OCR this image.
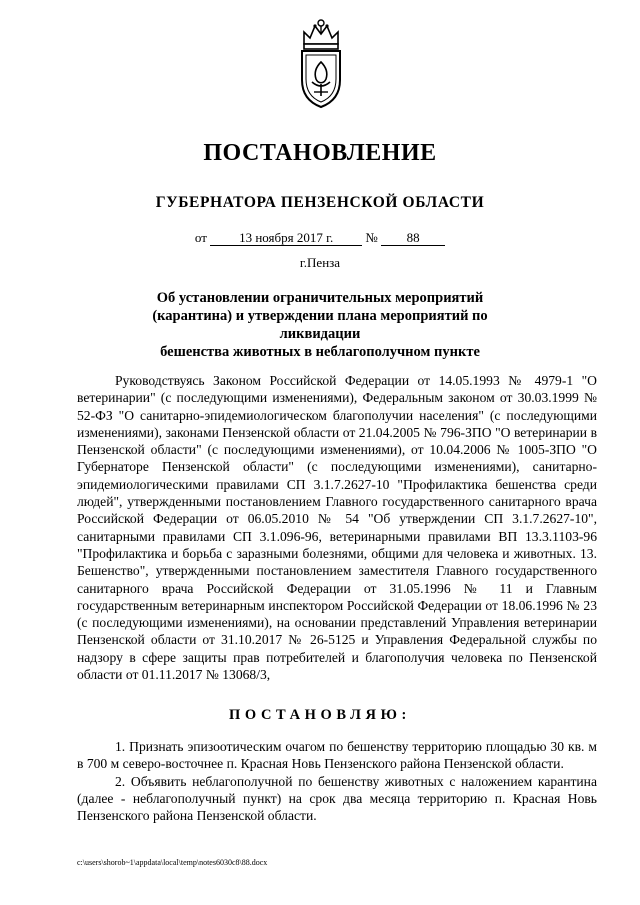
ПОСТАНОВЛЕНИЕ
ГУБЕРНАТОРА ПЕНЗЕНСКОЙ ОБЛАСТИ
от 13 ноября 2017 г. № 88
г.Пенза
Об установлении ограничительных мероприятий
(карантина) и утверждении плана мероприятий по ликвидации
бешенства животных в неблагополучном пункте

Руководствуясь Законом Российской Федерации от 14.05.1993 № 4979-1 "О ветеринарии" (с последующими изменениями), Федеральным законом от 30.03.1999 № 52-ФЗ "О санитарно-эпидемиологическом благополучии населения" (с последующими изменениями), законами Пензенской области от 21.04.2005 № 796-ЗПО "О ветеринарии в Пензенской области" (с последующими изменениями), от 10.04.2006 № 1005-ЗПО "О Губернаторе Пензенской области" (с последующими изменениями), санитарно-эпидемиологическими правилами СП 3.1.7.2627-10 "Профилактика бешенства среди людей", утвержденными постановлением Главного государственного санитарного врача Российской Федерации от 06.05.2010 № 54 "Об утверждении СП 3.1.7.2627-10", санитарными правилами СП 3.1.096-96, ветеринарными правилами ВП 13.3.1103-96 "Профилактика и борьба с заразными болезнями, общими для человека и животных. 13. Бешенство", утвержденными постановлением заместителя Главного государственного санитарного врача Российской Федерации от 31.05.1996 № 11 и Главным государственным ветеринарным инспектором Российской Федерации от 18.06.1996 № 23 (с последующими изменениями), на основании представлений Управления ветеринарии Пензенской области от 31.10.2017 № 26-5125 и Управления Федеральной службы по надзору в сфере защиты прав потребителей и благополучия человека по Пензенской области от 01.11.2017 № 13068/3,

ПОСТАНОВЛЯЮ:

1. Признать эпизоотическим очагом по бешенству территорию площадью 30 кв. м в 700 м северо-восточнее п. Красная Новь Пензенского района Пензенской области.

2. Объявить неблагополучной по бешенству животных с наложением карантина (далее - неблагополучный пункт) на срок два месяца территорию п. Красная Новь Пензенского района Пензенской области.

c:\users\shorob~1\appdata\local\temp\notes6030c8\88.docx
